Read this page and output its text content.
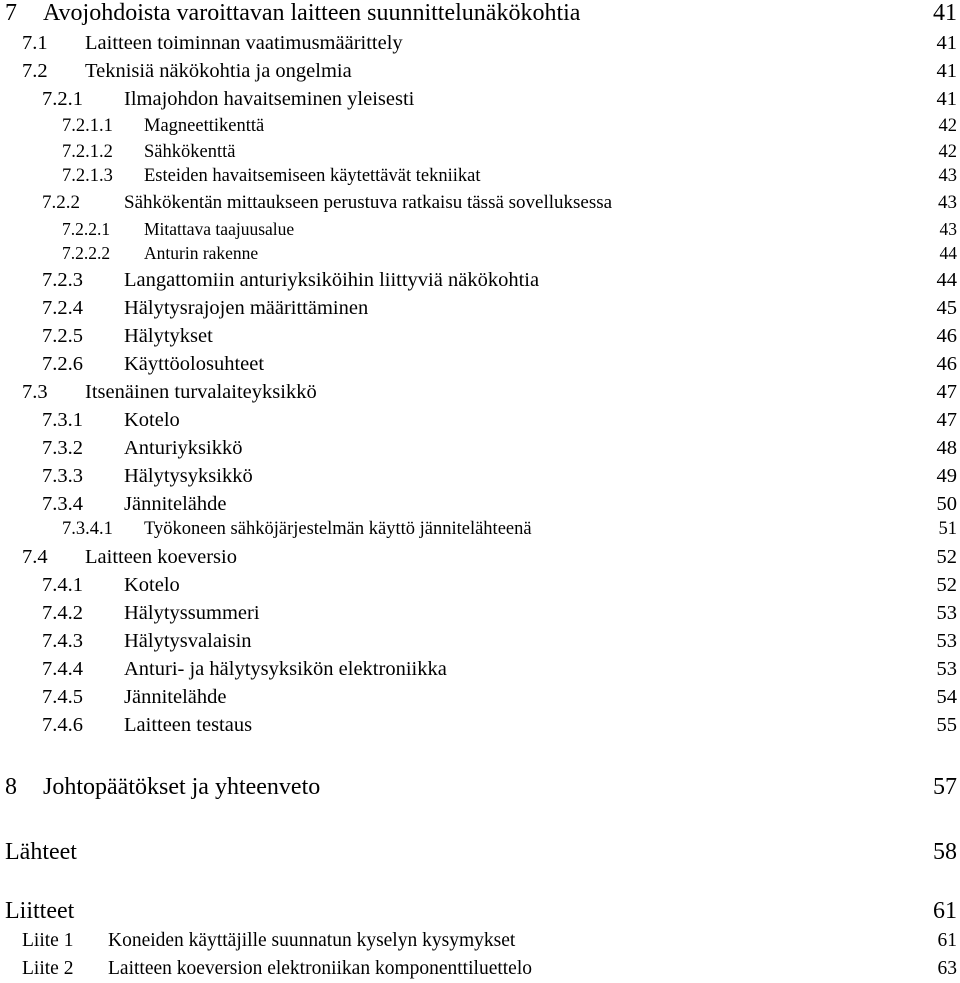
7 Avojohdoista varoittavan laitteen suunnittelunäkökohtia	41
7.1 Laitteen toiminnan vaatimusmäärittely	41
7.2 Teknisiä näkökohtia ja ongelmia	41
7.2.1 Ilmajohdon havaitseminen yleisesti	41
7.2.1.1 Magneettikenttä	42
7.2.1.2 Sähkökenttä	42
7.2.1.3 Esteiden havaitsemiseen käytettävät tekniikat	43
7.2.2 Sähkökentän mittaukseen perustuva ratkaisu tässä sovelluksessa	43
7.2.2.1 Mitattava taajuusalue	43
7.2.2.2 Anturin rakenne	44
7.2.3 Langattomiin anturiyksiköihin liittyviä näkökohtia	44
7.2.4 Hälytysrajojen määrittäminen	45
7.2.5 Hälytykset	46
7.2.6 Käyttöolosuhteet	46
7.3 Itsenäinen turvalaiteyksikkö	47
7.3.1 Kotelo	47
7.3.2 Anturiyksikkö	48
7.3.3 Hälytysyksikkö	49
7.3.4 Jännitelähde	50
7.3.4.1 Työkoneen sähköjärjestelmän käyttö jännitelähteenä	51
7.4 Laitteen koeversio	52
7.4.1 Kotelo	52
7.4.2 Hälytyssummeri	53
7.4.3 Hälytysvalaisin	53
7.4.4 Anturi- ja hälytysyksikön elektroniikka	53
7.4.5 Jännitelähde	54
7.4.6 Laitteen testaus	55
8 Johtopäätökset ja yhteenveto	57
Lähteet	58
Liitteet	61
Liite 1 Koneiden käyttäjille suunnatun kyselyn kysymykset	61
Liite 2 Laitteen koeversion elektroniikan komponenttiluettelo	63
